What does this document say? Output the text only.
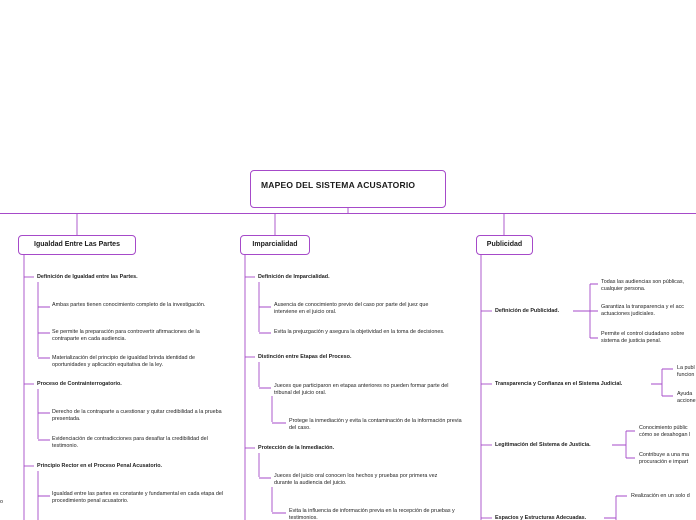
MAPEO DEL SISTEMA ACUSATORIO
Igualdad Entre Las Partes	Imparcialidad	Publicidad
Definición de Igualdad entre las Partes.
Ambas partes tienen conocimiento completo de la investigación.
Se permite la preparación para controvertir afirmaciones de la contraparte en cada audiencia.
Materialización del principio de igualdad brinda identidad de oportunidades y aplicación equitativa de la ley.
Proceso de Contrainterrogatorio.
Derecho de la contraparte a cuestionar y quitar credibilidad a la prueba presentada.
Evidenciación de contradicciones para desafiar la credibilidad del testimonio.
Principio Rector en el Proceso Penal Acusatorio.
Igualdad entre las partes es constante y fundamental en cada etapa del procedimiento penal acusatorio.
Definición de Imparcialidad.
Ausencia de conocimiento previo del caso por parte del juez que interviene en el juicio oral.
Evita la prejuzgación y asegura la objetividad en la toma de decisiones.
Distinción entre Etapas del Proceso.
Jueces que participaron en etapas anteriores no pueden formar parte del tribunal del juicio oral.
Protege la inmediación y evita la contaminación de la información previa del caso.
Protección de la Inmediación.
Jueces del juicio oral conocen los hechos y pruebas por primera vez durante la audiencia del juicio.
Evita la influencia de información previa en la recepción de pruebas y testimonios.
Definición de Publicidad.
Todas las audiencias son públicas, cualquier persona.
Garantiza la transparencia y el acc actuaciones judiciales.
Permite el control ciudadano sobre sistema de justicia penal.
Transparencia y Confianza en el Sistema Judicial.
La publ funcion
Ayuda accione
Legitimación del Sistema de Justicia.
Conocimiento públic cómo se desahogan l
Contribuye a una ma procuración e impart
Espacios y Estructuras Adecuadas.
Realización en un solo d
o
